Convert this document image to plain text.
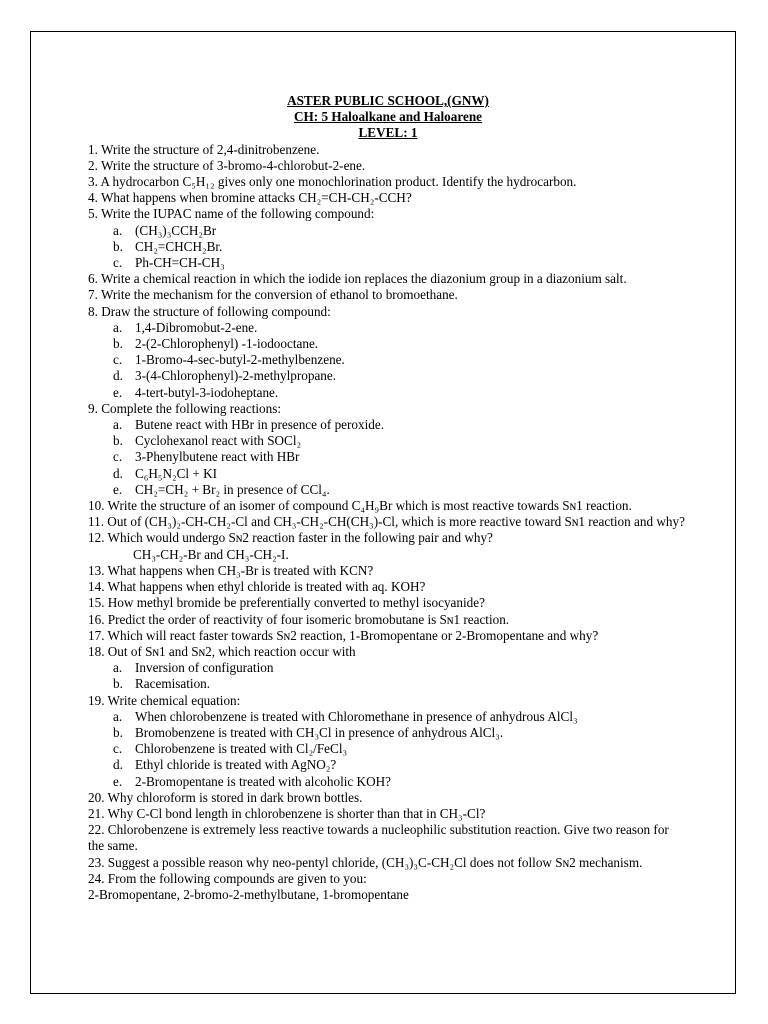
ASTER PUBLIC SCHOOL,(GNW)
CH: 5 Haloalkane and Haloarene
LEVEL: 1
1. Write the structure of 2,4-dinitrobenzene.
2. Write the structure of 3-bromo-4-chlorobut-2-ene.
3. A hydrocarbon C₅H₁₂ gives only one monochlorination product. Identify the hydrocarbon.
4. What happens when bromine attacks CH₂=CH-CH₂-CCH?
5. Write the IUPAC name of the following compound:
a. (CH₃)₃CCH₂Br
b. CH₂=CHCH₂Br.
c. Ph-CH=CH-CH₃
6. Write a chemical reaction in which the iodide ion replaces the diazonium group in a diazonium salt.
7. Write the mechanism for the conversion of ethanol to bromoethane.
8. Draw the structure of following compound:
a. 1,4-Dibromobut-2-ene.
b. 2-(2-Chlorophenyl) -1-iodooctane.
c. 1-Bromo-4-sec-butyl-2-methylbenzene.
d. 3-(4-Chlorophenyl)-2-methylpropane.
e. 4-tert-butyl-3-iodoheptane.
9. Complete the following reactions:
a. Butene react with HBr in presence of peroxide.
b. Cyclohexanol react with SOCl₂
c. 3-Phenylbutene react with HBr
d. C₆H₅N₂Cl + KI
e. CH₂=CH₂ + Br₂ in presence of CCl₄.
10. Write the structure of an isomer of compound C₄H₉Br which is most reactive towards Sɴ1 reaction.
11. Out of (CH₃)₂-CH-CH₂-Cl and CH₃-CH₂-CH(CH₃)-Cl, which is more reactive toward Sɴ1 reaction and why?
12. Which would undergo Sɴ2 reaction faster in the following pair and why?
CH₃-CH₂-Br and CH₃-CH₂-I.
13. What happens when CH₃-Br is treated with KCN?
14. What happens when ethyl chloride is treated with aq. KOH?
15. How methyl bromide be preferentially converted to methyl isocyanide?
16. Predict the order of reactivity of four isomeric bromobutane is Sɴ1 reaction.
17. Which will react faster towards Sɴ2 reaction, 1-Bromopentane or 2-Bromopentane and why?
18. Out of Sɴ1 and Sɴ2, which reaction occur with
a. Inversion of configuration
b. Racemisation.
19. Write chemical equation:
a. When chlorobenzene is treated with Chloromethane in presence of anhydrous AlCl₃
b. Bromobenzene is treated with CH₃Cl in presence of anhydrous AlCl₃.
c. Chlorobenzene is treated with Cl₂/FeCl₃
d. Ethyl chloride is treated with AgNO₂?
e. 2-Bromopentane is treated with alcoholic KOH?
20. Why chloroform is stored in dark brown bottles.
21. Why C-Cl bond length in chlorobenzene is shorter than that in CH₃-Cl?
22. Chlorobenzene is extremely less reactive towards a nucleophilic substitution reaction. Give two reason for the same.
23. Suggest a possible reason why neo-pentyl chloride, (CH₃)₃C-CH₂Cl does not follow Sɴ2 mechanism.
24. From the following compounds are given to you:
2-Bromopentane, 2-bromo-2-methylbutane, 1-bromopentane
